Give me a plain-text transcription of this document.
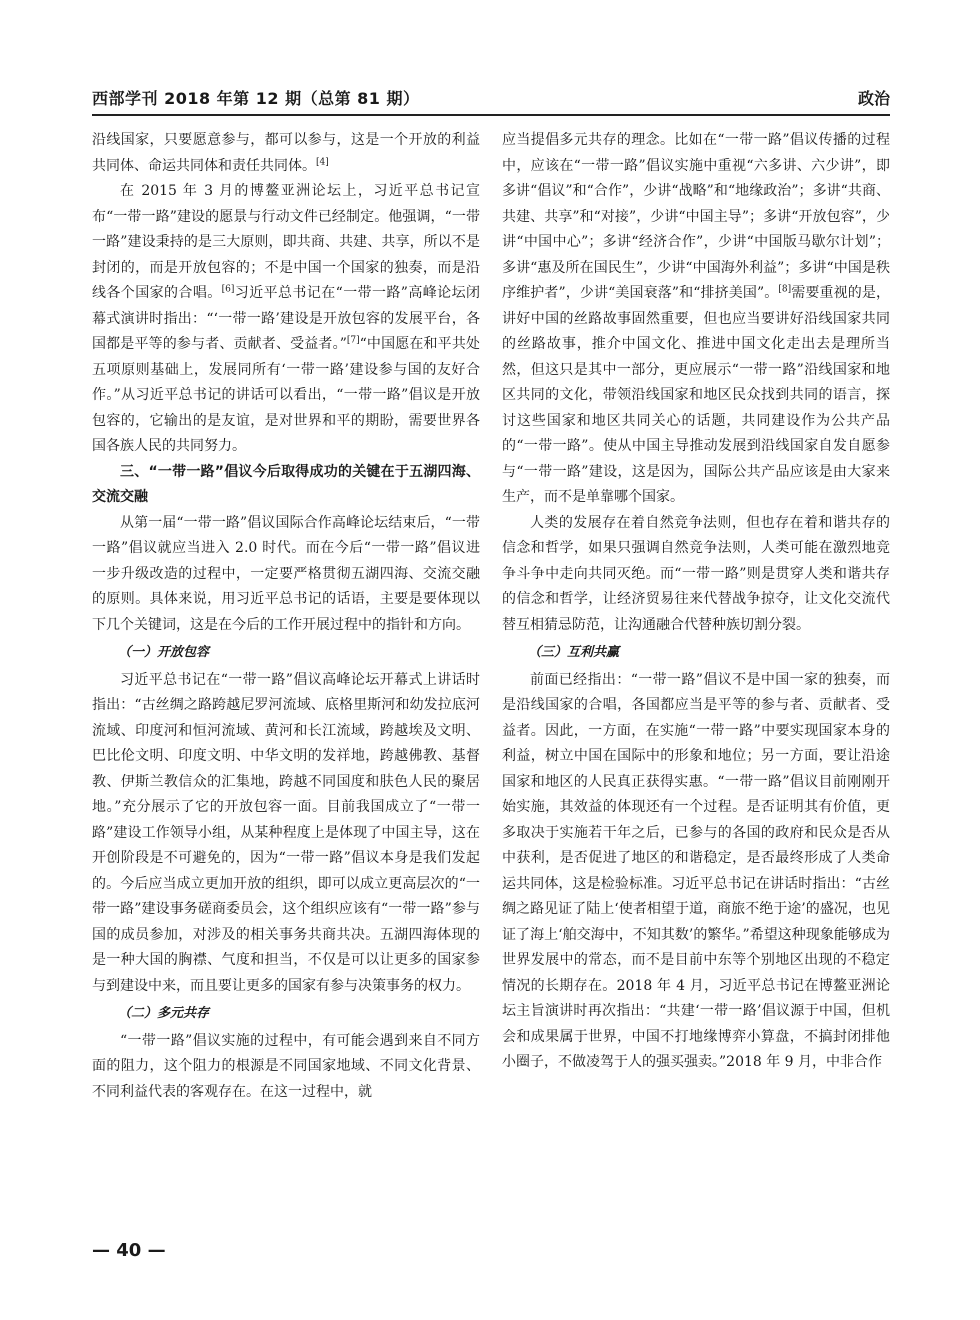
西部学刊 2018 年第 12 期（总第 81 期）	政治

沿线国家，只要愿意参与，都可以参与，这是一个开放的利益共同体、命运共同体和责任共同体。[4]

在 2015 年 3 月的博鳌亚洲论坛上，习近平总书记宣布“一带一路”建设的愿景与行动文件已经制定。他强调，“一带一路”建设秉持的是三大原则，即共商、共建、共享，所以不是封闭的，而是开放包容的；不是中国一个国家的独奏，而是沿线各个国家的合唱。[6]习近平总书记在“一带一路”高峰论坛闭幕式演讲时指出：“‘一带一路’建设是开放包容的发展平台，各国都是平等的参与者、贡献者、受益者。”[7]“中国愿在和平共处五项原则基础上，发展同所有‘一带一路’建设参与国的友好合作。”从习近平总书记的讲话可以看出，“一带一路”倡议是开放包容的，它输出的是友谊，是对世界和平的期盼，需要世界各国各族人民的共同努力。

三、“一带一路”倡议今后取得成功的关键在于五湖四海、交流交融

从第一届“一带一路”倡议国际合作高峰论坛结束后，“一带一路”倡议就应当进入 2.0 时代。而在今后“一带一路”倡议进一步升级改造的过程中，一定要严格贯彻五湖四海、交流交融的原则。具体来说，用习近平总书记的话语，主要是要体现以下几个关键词，这是在今后的工作开展过程中的指针和方向。

（一）开放包容

习近平总书记在“一带一路”倡议高峰论坛开幕式上讲话时指出：“古丝绸之路跨越尼罗河流域、底格里斯河和幼发拉底河流域、印度河和恒河流域、黄河和长江流域，跨越埃及文明、巴比伦文明、印度文明、中华文明的发祥地，跨越佛教、基督教、伊斯兰教信众的汇集地，跨越不同国度和肤色人民的聚居地。”充分展示了它的开放包容一面。目前我国成立了“一带一路”建设工作领导小组，从某种程度上是体现了中国主导，这在开创阶段是不可避免的，因为“一带一路”倡议本身是我们发起的。今后应当成立更加开放的组织，即可以成立更高层次的“一带一路”建设事务磋商委员会，这个组织应该有“一带一路”参与国的成员参加，对涉及的相关事务共商共决。五湖四海体现的是一种大国的胸襟、气度和担当，不仅是可以让更多的国家参与到建设中来，而且要让更多的国家有参与决策事务的权力。

（二）多元共存

“一带一路”倡议实施的过程中，有可能会遇到来自不同方面的阻力，这个阻力的根源是不同国家地域、不同文化背景、不同利益代表的客观存在。在这一过程中，就

应当提倡多元共存的理念。比如在“一带一路”倡议传播的过程中，应该在“一带一路”倡议实施中重视“六多讲、六少讲”，即多讲“倡议”和“合作”，少讲“战略”和“地缘政治”；多讲“共商、共建、共享”和“对接”，少讲“中国主导”；多讲“开放包容”，少讲“中国中心”；多讲“经济合作”，少讲“中国版马歇尔计划”；多讲“惠及所在国民生”，少讲“中国海外利益”；多讲“中国是秩序维护者”，少讲“美国衰落”和“排挤美国”。[8]需要重视的是，讲好中国的丝路故事固然重要，但也应当要讲好沿线国家共同的丝路故事，推介中国文化、推进中国文化走出去是理所当然，但这只是其中一部分，更应展示“一带一路”沿线国家和地区共同的文化，带领沿线国家和地区民众找到共同的语言，探讨这些国家和地区共同关心的话题，共同建设作为公共产品的“一带一路”。使从中国主导推动发展到沿线国家自发自愿参与“一带一路”建设，这是因为，国际公共产品应该是由大家来生产，而不是单靠哪个国家。

人类的发展存在着自然竞争法则，但也存在着和谐共存的信念和哲学，如果只强调自然竞争法则，人类可能在激烈地竞争斗争中走向共同灭绝。而“一带一路”则是贯穿人类和谐共存的信念和哲学，让经济贸易往来代替战争掠夺，让文化交流代替互相猜忌防范，让沟通融合代替种族切割分裂。

（三）互利共赢

前面已经指出：“一带一路”倡议不是中国一家的独奏，而是沿线国家的合唱，各国都应当是平等的参与者、贡献者、受益者。因此，一方面，在实施“一带一路”中要实现国家本身的利益，树立中国在国际中的形象和地位；另一方面，要让沿途国家和地区的人民真正获得实惠。“一带一路”倡议目前刚刚开始实施，其效益的体现还有一个过程。是否证明其有价值，更多取决于实施若干年之后，已参与的各国的政府和民众是否从中获利，是否促进了地区的和谐稳定，是否最终形成了人类命运共同体，这是检验标准。习近平总书记在讲话时指出：“古丝绸之路见证了陆上‘使者相望于道，商旅不绝于途’的盛况，也见证了海上‘舶交海中，不知其数’的繁华。”希望这种现象能够成为世界发展中的常态，而不是目前中东等个别地区出现的不稳定情况的长期存在。2018 年 4 月，习近平总书记在博鳌亚洲论坛主旨演讲时再次指出：“共建‘一带一路’倡议源于中国，但机会和成果属于世界，中国不打地缘博弈小算盘，不搞封闭排他小圈子，不做凌驾于人的强买强卖。”2018 年 9 月，中非合作

— 40 —
